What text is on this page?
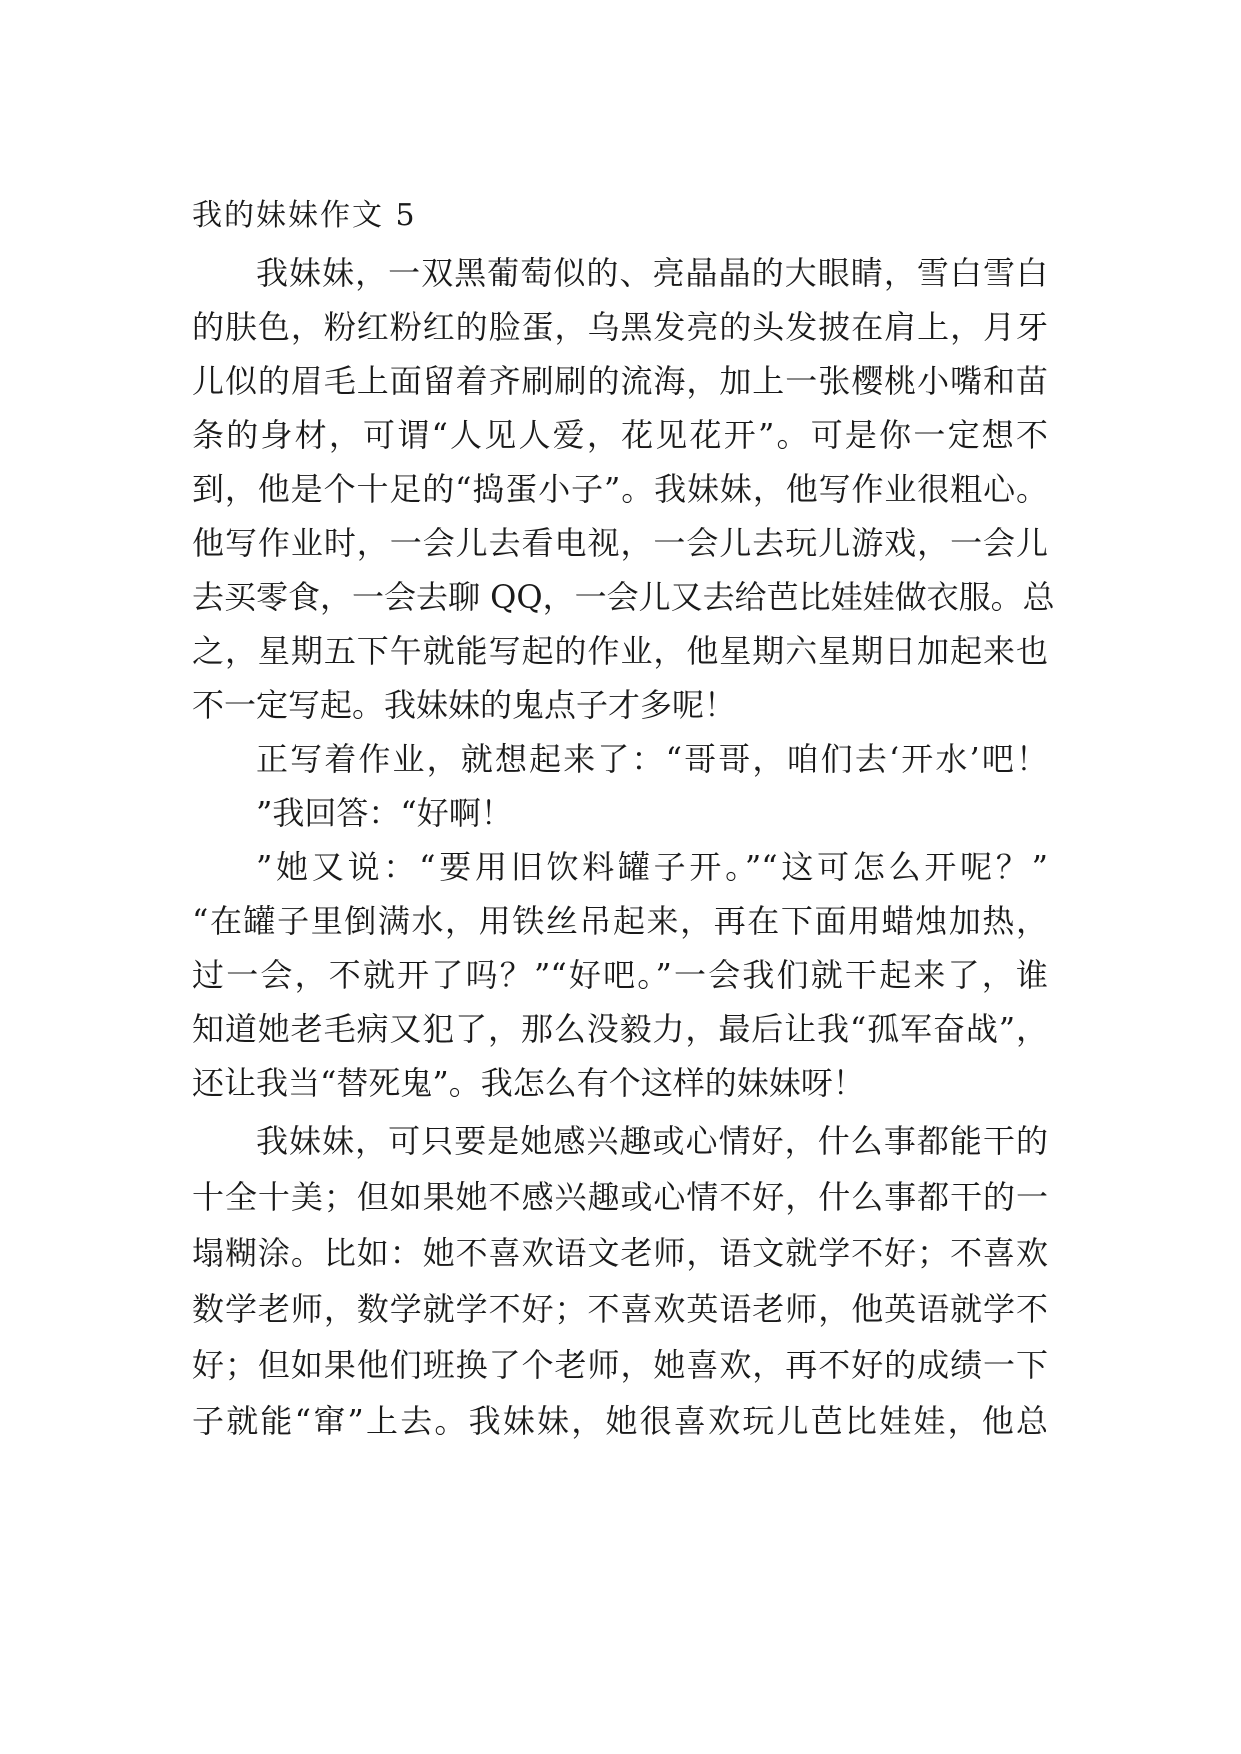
我的妹妹作文 5
我妹妹，一双黑葡萄似的、亮晶晶的大眼睛，雪白雪白
的肤色，粉红粉红的脸蛋，乌黑发亮的头发披在肩上，月牙
儿似的眉毛上面留着齐刷刷的流海，加上一张樱桃小嘴和苗
条的身材，可谓“人见人爱，花见花开”。可是你一定想不
到，他是个十足的“捣蛋小子”。我妹妹，他写作业很粗心。
他写作业时，一会儿去看电视，一会儿去玩儿游戏，一会儿
去买零食，一会去聊 QQ，一会儿又去给芭比娃娃做衣服。总
之，星期五下午就能写起的作业，他星期六星期日加起来也
不一定写起。我妹妹的鬼点子才多呢！
正写着作业，就想起来了：“哥哥，咱们去‘开水’吧！
”我回答：“好啊！
”她又说：“要用旧饮料罐子开。”“这可怎么开呢？”
“在罐子里倒满水，用铁丝吊起来，再在下面用蜡烛加热，
过一会，不就开了吗？”“好吧。”一会我们就干起来了，谁
知道她老毛病又犯了，那么没毅力，最后让我“孤军奋战”，
还让我当“替死鬼”。我怎么有个这样的妹妹呀！
我妹妹，可只要是她感兴趣或心情好，什么事都能干的
十全十美；但如果她不感兴趣或心情不好，什么事都干的一
塌糊涂。比如：她不喜欢语文老师，语文就学不好；不喜欢
数学老师，数学就学不好；不喜欢英语老师，他英语就学不
好；但如果他们班换了个老师，她喜欢，再不好的成绩一下
子就能“窜”上去。我妹妹，她很喜欢玩儿芭比娃娃，他总
